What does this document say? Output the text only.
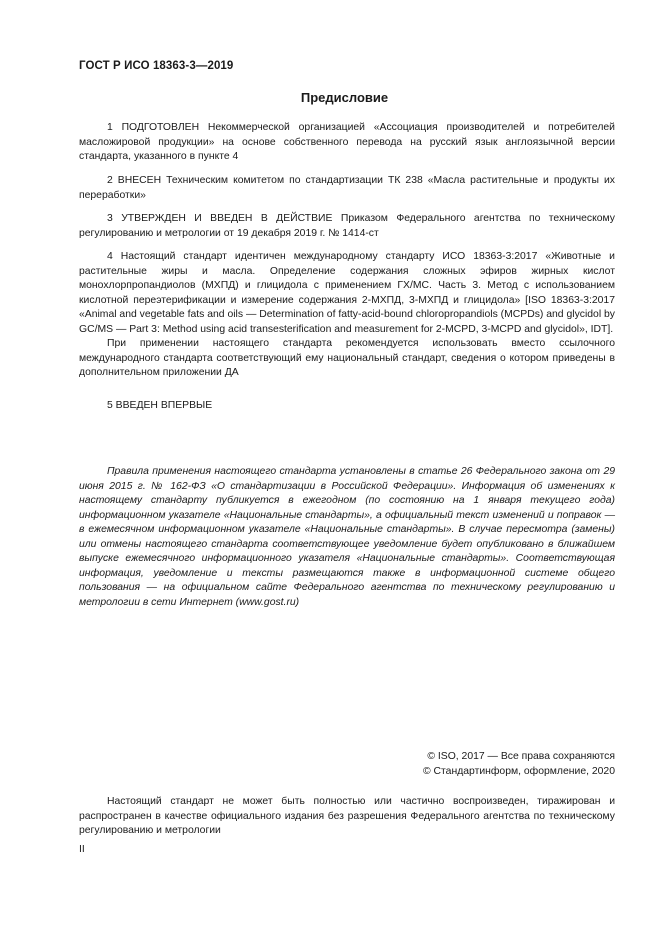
ГОСТ Р ИСО 18363-3—2019
Предисловие

1 ПОДГОТОВЛЕН Некоммерческой организацией «Ассоциация производителей и потребителей масложировой продукции» на основе собственного перевода на русский язык англоязычной версии стандарта, указанного в пункте 4

2 ВНЕСЕН Техническим комитетом по стандартизации ТК 238 «Масла растительные и продукты их переработки»

3 УТВЕРЖДЕН И ВВЕДЕН В ДЕЙСТВИЕ Приказом Федерального агентства по техническому регулированию и метрологии от 19 декабря 2019 г. № 1414-ст

4 Настоящий стандарт идентичен международному стандарту ИСО 18363-3:2017 «Животные и растительные жиры и масла. Определение содержания сложных эфиров жирных кислот монохлорпропандиолов (МХПД) и глицидола с применением ГХ/МС. Часть 3. Метод с использованием кислотной переэтерификации и измерение содержания 2-МХПД, 3-МХПД и глицидола» [ISO 18363-3:2017 «Animal and vegetable fats and oils — Determination of fatty-acid-bound chloropropandiols (MCPDs) and glycidol by GC/MS — Part 3: Method using acid transesterification and measurement for 2-MCPD, 3-MCPD and glycidol», IDT].

При применении настоящего стандарта рекомендуется использовать вместо ссылочного международного стандарта соответствующий ему национальный стандарт, сведения о котором приведены в дополнительном приложении ДА

5 ВВЕДЕН ВПЕРВЫЕ

Правила применения настоящего стандарта установлены в статье 26 Федерального закона от 29 июня 2015 г. № 162-ФЗ «О стандартизации в Российской Федерации». Информация об изменениях к настоящему стандарту публикуется в ежегодном (по состоянию на 1 января текущего года) информационном указателе «Национальные стандарты», а официальный текст изменений и поправок — в ежемесячном информационном указателе «Национальные стандарты». В случае пересмотра (замены) или отмены настоящего стандарта соответствующее уведомление будет опубликовано в ближайшем выпуске ежемесячного информационного указателя «Национальные стандарты». Соответствующая информация, уведомление и тексты размещаются также в информационной системе общего пользования — на официальном сайте Федерального агентства по техническому регулированию и метрологии в сети Интернет (www.gost.ru)

© ISO, 2017 — Все права сохраняются
© Стандартинформ, оформление, 2020

Настоящий стандарт не может быть полностью или частично воспроизведен, тиражирован и распространен в качестве официального издания без разрешения Федерального агентства по техническому регулированию и метрологии

II
